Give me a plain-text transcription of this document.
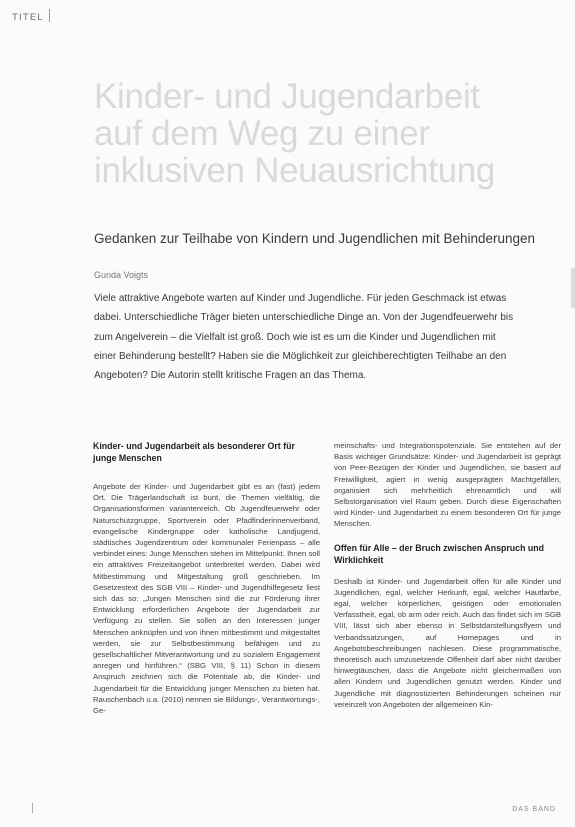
TITEL
Kinder- und Jugendarbeit
auf dem Weg zu einer
inklusiven Neuausrichtung
Gedanken zur Teilhabe von Kindern und Jugendlichen mit Behinderungen
Gunda Voigts

Viele attraktive Angebote warten auf Kinder und Jugendliche. Für jeden Geschmack ist etwas dabei. Unterschiedliche Träger bieten unterschiedliche Dinge an. Von der Jugendfeuerwehr bis zum Angelverein – die Vielfalt ist groß. Doch wie ist es um die Kinder und Jugendlichen mit einer Behinderung bestellt? Haben sie die Möglichkeit zur gleichberechtigten Teilhabe an den Angeboten? Die Autorin stellt kritische Fragen an das Thema.

Kinder- und Jugendarbeit als besonderer Ort für junge Menschen

Angebote der Kinder- und Jugendarbeit gibt es an (fast) jedem Ort. Die Trägerlandschaft ist bunt, die Themen vielfältig, die Organisationsformen variantenreich. Ob Jugendfeuerwehr oder Naturschutzgruppe, Sportverein oder Pfadfinderinnenverband, evangelische Kindergruppe oder katholische Landjugend, städtisches Jugendzentrum oder kommunaler Ferienpass – alle verbindet eines: Junge Menschen stehen im Mittelpunkt. Ihnen soll ein attraktives Freizeitangebot unterbreitet werden. Dabei wird Mitbestimmung und Mitgestaltung groß geschrieben. Im Gesetzestext des SGB VIII – Kinder- und Jugendhilfegesetz liest sich das so: „Jungen Menschen sind die zur Förderung ihrer Entwicklung erforderlichen Angebote der Jugendarbeit zur Verfügung zu stellen. Sie sollen an den Interessen junger Menschen anknüpfen und von ihnen mitbestimmt und mitgestaltet werden, sie zur Selbstbestimmung befähigen und zu gesellschaftlicher Mitverantwortung und zu sozialem Engagement anregen und hinführen.“ (SBG VIII, § 11) Schon in diesem Anspruch zeichnen sich die Potentiale ab, die Kinder- und Jugendarbeit für die Entwicklung junger Menschen zu bieten hat. Rauschenbach u.a. (2010) nennen sie Bildungs-, Verantwortungs-, Ge-

meinschafts- und Integrationspotenziale. Sie entstehen auf der Basis wichtiger Grundsätze: Kinder- und Jugendarbeit ist geprägt von Peer-Bezügen der Kinder und Jugendlichen, sie basiert auf Freiwilligkeit, agiert in wenig ausgeprägten Machtgefällen, organisiert sich mehrheitlich ehrenamtlich und will Selbstorganisation viel Raum geben. Durch diese Eigenschaften wird Kinder- und Jugendarbeit zu einem besonderen Ort für junge Menschen.

Offen für Alle – der Bruch zwischen Anspruch und Wirklichkeit

Deshalb ist Kinder- und Jugendarbeit offen für alle Kinder und Jugendlichen, egal, welcher Herkunft, egal, welcher Hautfarbe, egal, welcher körperlichen, geistigen oder emotionalen Verfasstheit, egal, ob arm oder reich. Auch das findet sich im SGB VIII, lässt sich aber ebenso in Selbstdarstellungsflyern und Verbandssatzungen, auf Homepages und in Angebotsbeschreibungen nachlesen. Diese programmatische, theoretisch auch umzusetzende Offenheit darf aber nicht darüber hinwegtäuschen, dass die Angebote nicht gleichermaßen von allen Kindern und Jugendlichen genutzt werden. Kinder und Jugendliche mit diagnostizierten Behinderungen scheinen nur vereinzelt von Angeboten der allgemeinen Kin-

DAS BAND
